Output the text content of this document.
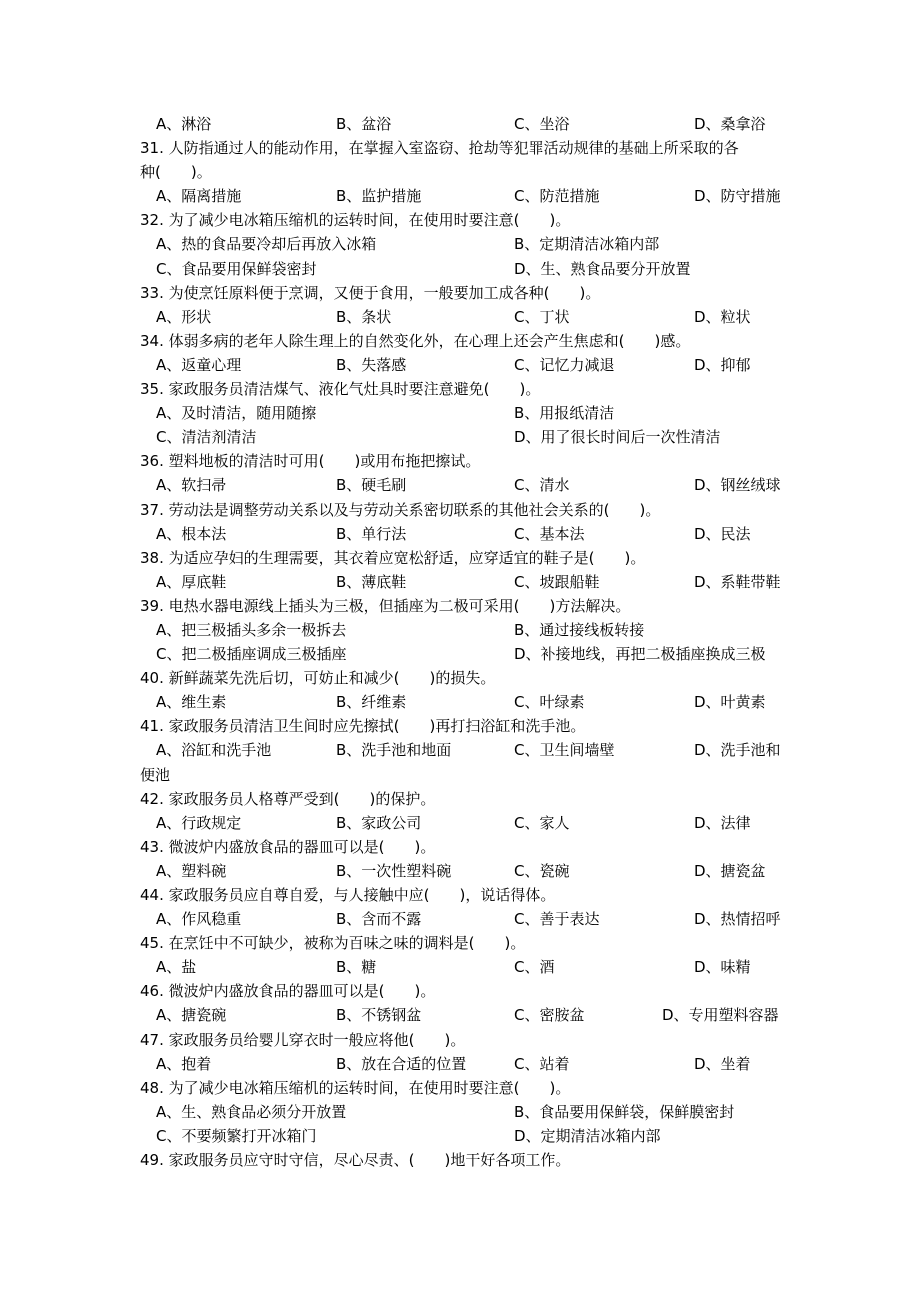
A、淋浴	B、盆浴	C、坐浴	D、桑拿浴
31. 人防指通过人的能动作用，在掌握入室盗窃、抢劫等犯罪活动规律的基础上所采取的各
种(　　)。
A、隔离措施	B、监护措施	C、防范措施	D、防守措施
32. 为了减少电冰箱压缩机的运转时间，在使用时要注意(　　)。
A、热的食品要冷却后再放入冰箱	B、定期清洁冰箱内部
C、食品要用保鲜袋密封	D、生、熟食品要分开放置
33. 为使烹饪原料便于烹调，又便于食用，一般要加工成各种(　　)。
A、形状	B、条状	C、丁状	D、粒状
34. 体弱多病的老年人除生理上的自然变化外，在心理上还会产生焦虑和(　　)感。
A、返童心理	B、失落感	C、记忆力减退	D、抑郁
35. 家政服务员清洁煤气、液化气灶具时要注意避免(　　)。
A、及时清洁，随用随擦	B、用报纸清洁
C、清洁剂清洁	D、用了很长时间后一次性清洁
36. 塑料地板的清洁时可用(　　)或用布拖把擦试。
A、软扫帚	B、硬毛刷	C、清水	D、钢丝绒球
37. 劳动法是调整劳动关系以及与劳动关系密切联系的其他社会关系的(　　)。
A、根本法	B、单行法	C、基本法	D、民法
38. 为适应孕妇的生理需要，其衣着应宽松舒适，应穿适宜的鞋子是(　　)。
A、厚底鞋	B、薄底鞋	C、坡跟船鞋	D、系鞋带鞋
39. 电热水器电源线上插头为三极，但插座为二极可采用(　　)方法解决。
A、把三极插头多余一极拆去	B、通过接线板转接
C、把二极插座调成三极插座	D、补接地线，再把二极插座换成三极
40. 新鲜蔬菜先洗后切，可妨止和减少(　　)的损失。
A、维生素	B、纤维素	C、叶绿素	D、叶黄素
41. 家政服务员清洁卫生间时应先擦拭(　　)再打扫浴缸和洗手池。
A、浴缸和洗手池	B、洗手池和地面	C、卫生间墙壁	D、洗手池和
便池
42. 家政服务员人格尊严受到(　　)的保护。
A、行政规定	B、家政公司	C、家人	D、法律
43. 微波炉内盛放食品的器皿可以是(　　)。
A、塑料碗	B、一次性塑料碗	C、瓷碗	D、搪瓷盆
44. 家政服务员应自尊自爱，与人接触中应(　　)，说话得体。
A、作风稳重	B、含而不露	C、善于表达	D、热情招呼
45. 在烹饪中不可缺少，被称为百味之味的调料是(　　)。
A、盐	B、糖	C、酒	D、味精
46. 微波炉内盛放食品的器皿可以是(　　)。
A、搪瓷碗	B、不锈钢盆	C、密胺盆	D、专用塑料容器
47. 家政服务员给婴儿穿衣时一般应将他(　　)。
A、抱着	B、放在合适的位置	C、站着	D、坐着
48. 为了减少电冰箱压缩机的运转时间，在使用时要注意(　　)。
A、生、熟食品必须分开放置	B、食品要用保鲜袋，保鲜膜密封
C、不要频繁打开冰箱门	D、定期清洁冰箱内部
49. 家政服务员应守时守信，尽心尽责、(　　)地干好各项工作。
